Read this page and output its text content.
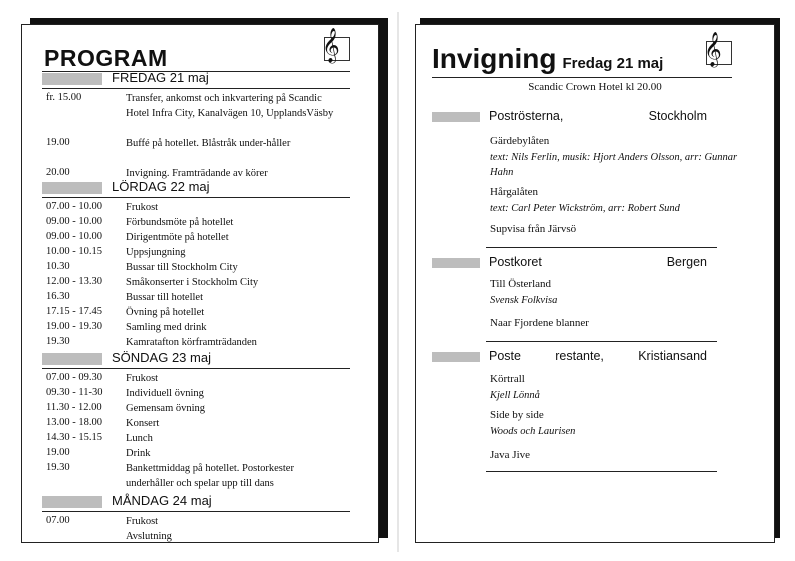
PROGRAM	𝄞
FREDAG 21 maj
fr. 15.00	Transfer, ankomst och inkvartering på Scandic Hotel Infra City, Kanalvägen 10, UpplandsVäsby
19.00	Buffé på hotellet. Blåstråk under-håller
20.00	Invigning. Framträdande av körer
LÖRDAG 22 maj
07.00 - 10.00	Frukost
09.00 - 10.00	Förbundsmöte på hotellet
09.00 - 10.00	Dirigentmöte på hotellet
10.00 - 10.15	Uppsjungning
10.30	Bussar till Stockholm City
12.00 - 13.30	Småkonserter i Stockholm City
16.30	Bussar till hotellet
17.15 - 17.45	Övning på hotellet
19.00 - 19.30	Samling med drink
19.30	Kamratafton körframträdanden
SÖNDAG 23 maj
07.00 - 09.30	Frukost
09.30 - 11-30	Individuell övning
11.30 - 12.00	Gemensam övning
13.00 - 18.00	Konsert
14.30 - 15.15	Lunch
19.00	Drink
19.30	Bankettmiddag på hotellet. Postorkester underhåller och spelar upp till dans
MÅNDAG 24 maj
07.00	Frukost
Avslutning
Invigning Fredag 21 maj 𝄞
Scandic Crown Hotel kl 20.00
Poströsterna,	Stockholm
Gärdebylåten
text: Nils Ferlin, musik: Hjort Anders Olsson, arr: Gunnar Hahn
Hårgalåten
text: Carl Peter Wickström, arr: Robert Sund
Supvisa från Järvsö
Postkoret	Bergen
Till Österland
Svensk Folkvisa
Naar Fjordene blanner
Poste	restante,	Kristiansand
Körtrall
Kjell Lönnå
Side by side
Woods och Laurisen
Java Jive
